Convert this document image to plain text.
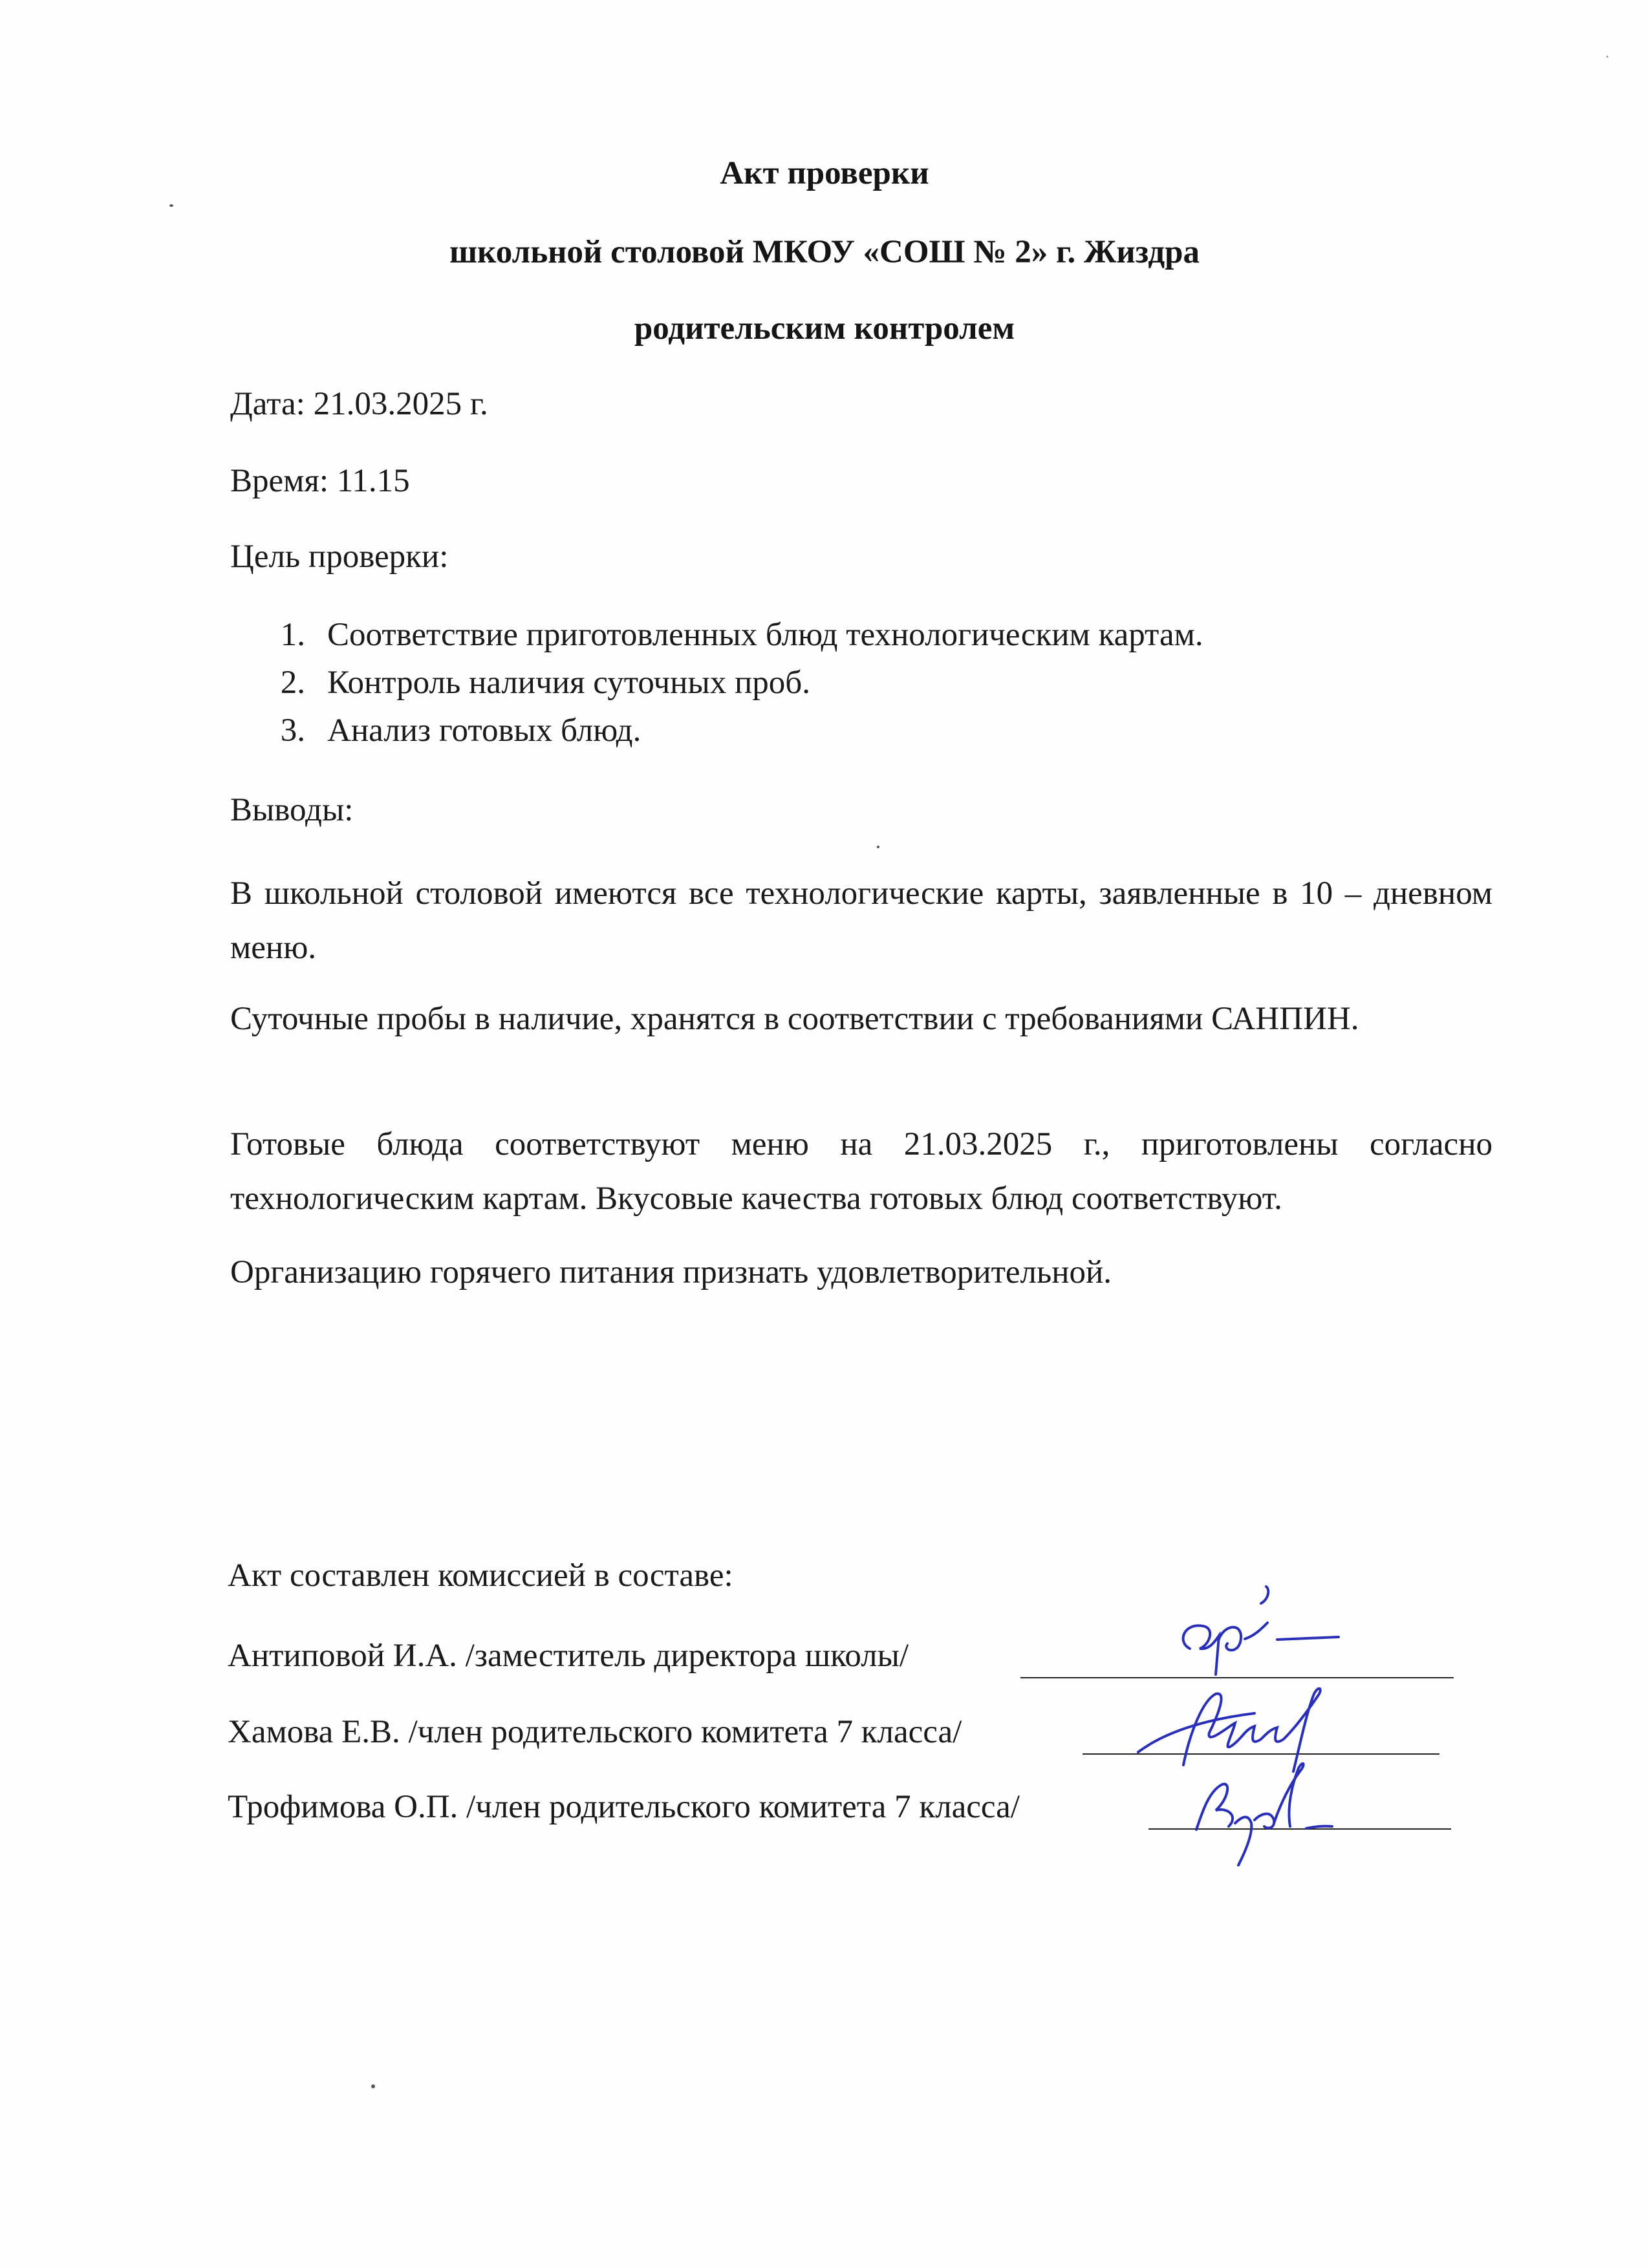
Акт проверки
школьной столовой МКОУ «СОШ № 2» г. Жиздра
родительским контролем
Дата: 21.03.2025 г.
Время: 11.15
Цель проверки:
1. Соответствие приготовленных блюд технологическим картам.
2. Контроль наличия суточных проб.
3. Анализ готовых блюд.
Выводы:
В школьной столовой имеются все технологические карты, заявленные в 10 – дневном меню.
Суточные пробы в наличие, хранятся в соответствии с требованиями САНПИН.
Готовые блюда соответствуют меню на 21.03.2025 г., приготовлены согласно технологическим картам. Вкусовые качества готовых блюд соответствуют.
Организацию горячего питания признать удовлетворительной.
Акт составлен комиссией в составе:
Антиповой И.А. /заместитель директора школы/
Хамова Е.В. /член родительского комитета 7 класса/
Трофимова О.П. /член родительского комитета 7 класса/
